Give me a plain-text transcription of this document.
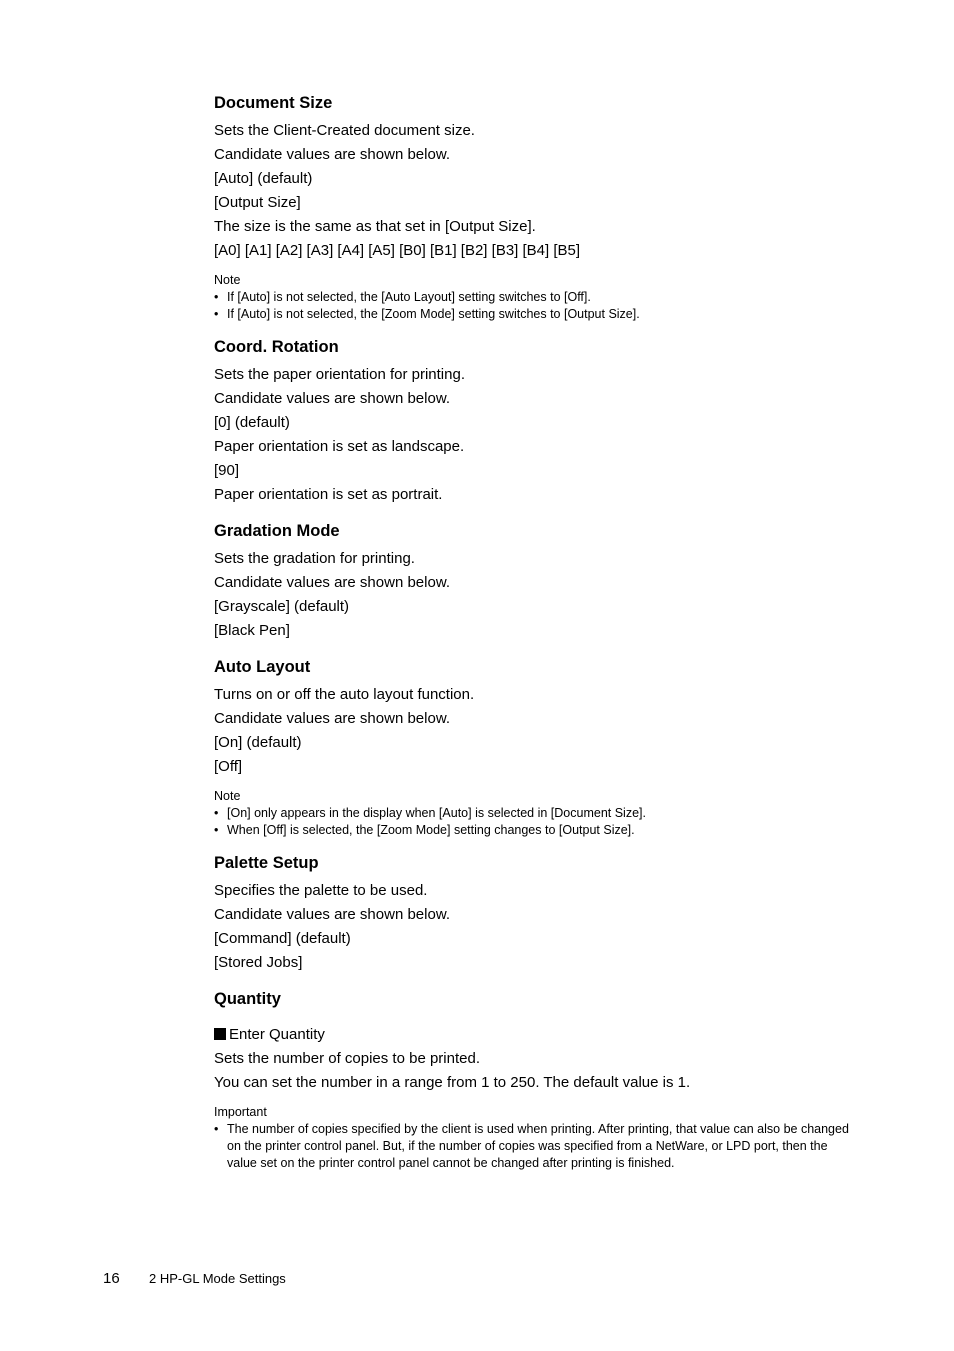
Document Size

Sets the Client-Created document size.

Candidate values are shown below.

[Auto] (default)

[Output Size]

The size is the same as that set in [Output Size].

[A0] [A1] [A2] [A3] [A4] [A5] [B0] [B1] [B2] [B3] [B4] [B5]

Note

• If [Auto] is not selected, the [Auto Layout] setting switches to [Off].
• If [Auto] is not selected, the [Zoom Mode] setting switches to [Output Size].
Coord. Rotation

Sets the paper orientation for printing.

Candidate values are shown below.

[0] (default)

Paper orientation is set as landscape.

[90]

Paper orientation is set as portrait.

Gradation Mode

Sets the gradation for printing.

Candidate values are shown below.

[Grayscale] (default)

[Black Pen]

Auto Layout

Turns on or off the auto layout function.

Candidate values are shown below.

[On] (default)

[Off]

Note

• [On] only appears in the display when [Auto] is selected in [Document Size].
• When [Off] is selected, the [Zoom Mode] setting changes to [Output Size].
Palette Setup

Specifies the palette to be used.

Candidate values are shown below.

[Command] (default)

[Stored Jobs]

Quantity

Enter Quantity

Sets the number of copies to be printed.

You can set the number in a range from 1 to 250. The default value is 1.

Important

• The number of copies specified by the client is used when printing. After printing, that value can also be changed on the printer control panel. But, if the number of copies was specified from a NetWare, or LPD port, then the value set on the printer control panel cannot be changed after printing is finished.
16 2 HP-GL Mode Settings
